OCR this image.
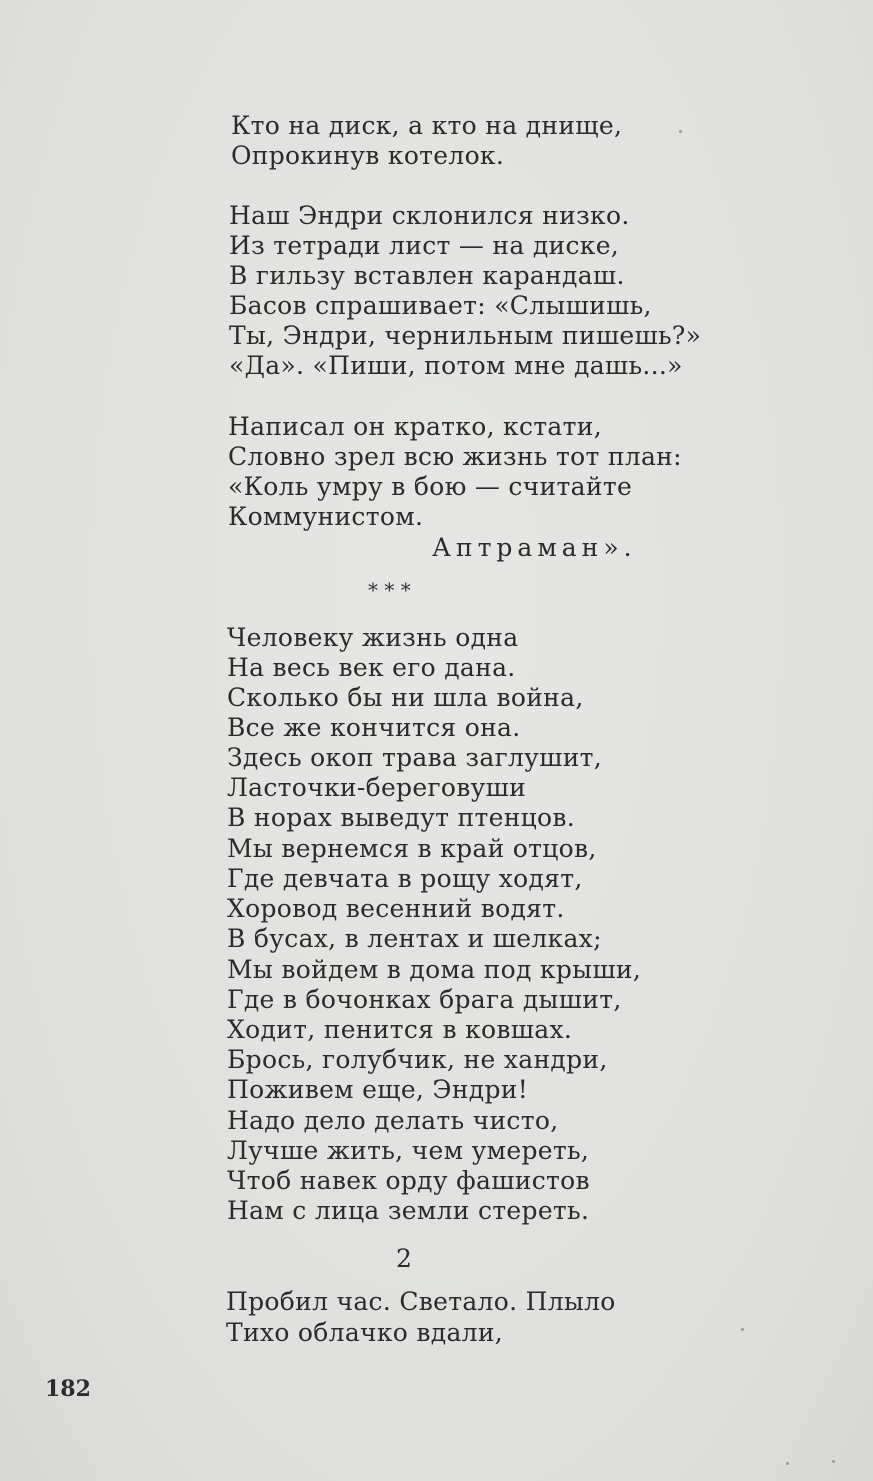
Кто на диск, а кто на днище,
Опрокинув котелок.
Наш Эндри склонился низко.
Из тетради лист — на диске,
В гильзу вставлен карандаш.
Басов спрашивает: «Слышишь,
Ты, Эндри, чернильным пишешь?»
«Да». «Пиши, потом мне дашь...»
Написал он кратко, кстати,
Словно зрел всю жизнь тот план:
«Коль умру в бою — считайте
Коммунистом.
Аптраман».
* * *
Человеку жизнь одна
На весь век его дана.
Сколько бы ни шла война,
Все же кончится она.
Здесь окоп трава заглушит,
Ласточки-береговуши
В норах выведут птенцов.
Мы вернемся в край отцов,
Где девчата в рощу ходят,
Хоровод весенний водят.
В бусах, в лентах и шелках;
Мы войдем в дома под крыши,
Где в бочонках брага дышит,
Ходит, пенится в ковшах.
Брось, голубчик, не хандри,
Поживем еще, Эндри!
Надо дело делать чисто,
Лучше жить, чем умереть,
Чтоб навек орду фашистов
Нам с лица земли стереть.
2
Пробил час. Светало. Плыло
Тихо облачко вдали,
182
